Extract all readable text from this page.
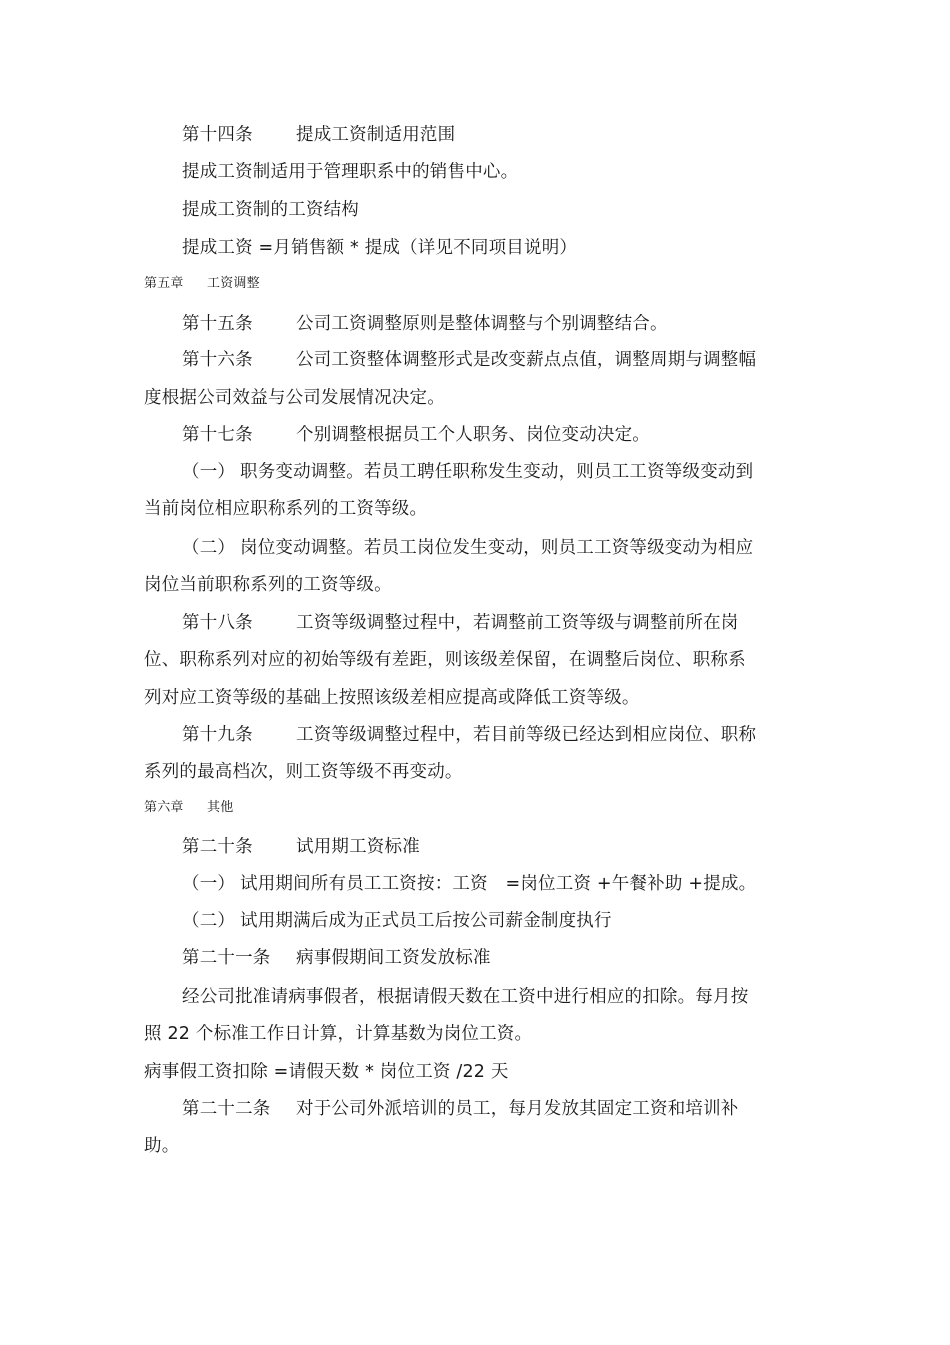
第十四条 提成工资制适用范围
提成工资制适用于管理职系中的销售中心。
提成工资制的工资结构
提成工资 =月销售额 * 提成（详见不同项目说明）
第五章 工资调整
第十五条 公司工资调整原则是整体调整与个别调整结合。
第十六条 公司工资整体调整形式是改变薪点点值，调整周期与调整幅
度根据公司效益与公司发展情况决定。
第十七条 个别调整根据员工个人职务、岗位变动决定。
（一） 职务变动调整。若员工聘任职称发生变动，则员工工资等级变动到
当前岗位相应职称系列的工资等级。
（二） 岗位变动调整。若员工岗位发生变动，则员工工资等级变动为相应
岗位当前职称系列的工资等级。
第十八条 工资等级调整过程中，若调整前工资等级与调整前所在岗
位、职称系列对应的初始等级有差距，则该级差保留，在调整后岗位、职称系
列对应工资等级的基础上按照该级差相应提高或降低工资等级。
第十九条 工资等级调整过程中，若目前等级已经达到相应岗位、职称
系列的最高档次，则工资等级不再变动。
第六章 其他
第二十条 试用期工资标准
（一） 试用期间所有员工工资按：工资　=岗位工资 +午餐补助 +提成。
（二） 试用期满后成为正式员工后按公司薪金制度执行
第二十一条 病事假期间工资发放标准
经公司批准请病事假者，根据请假天数在工资中进行相应的扣除。每月按
照 22 个标准工作日计算，计算基数为岗位工资。
病事假工资扣除 =请假天数 * 岗位工资 /22 天
第二十二条 对于公司外派培训的员工，每月发放其固定工资和培训补
助。
